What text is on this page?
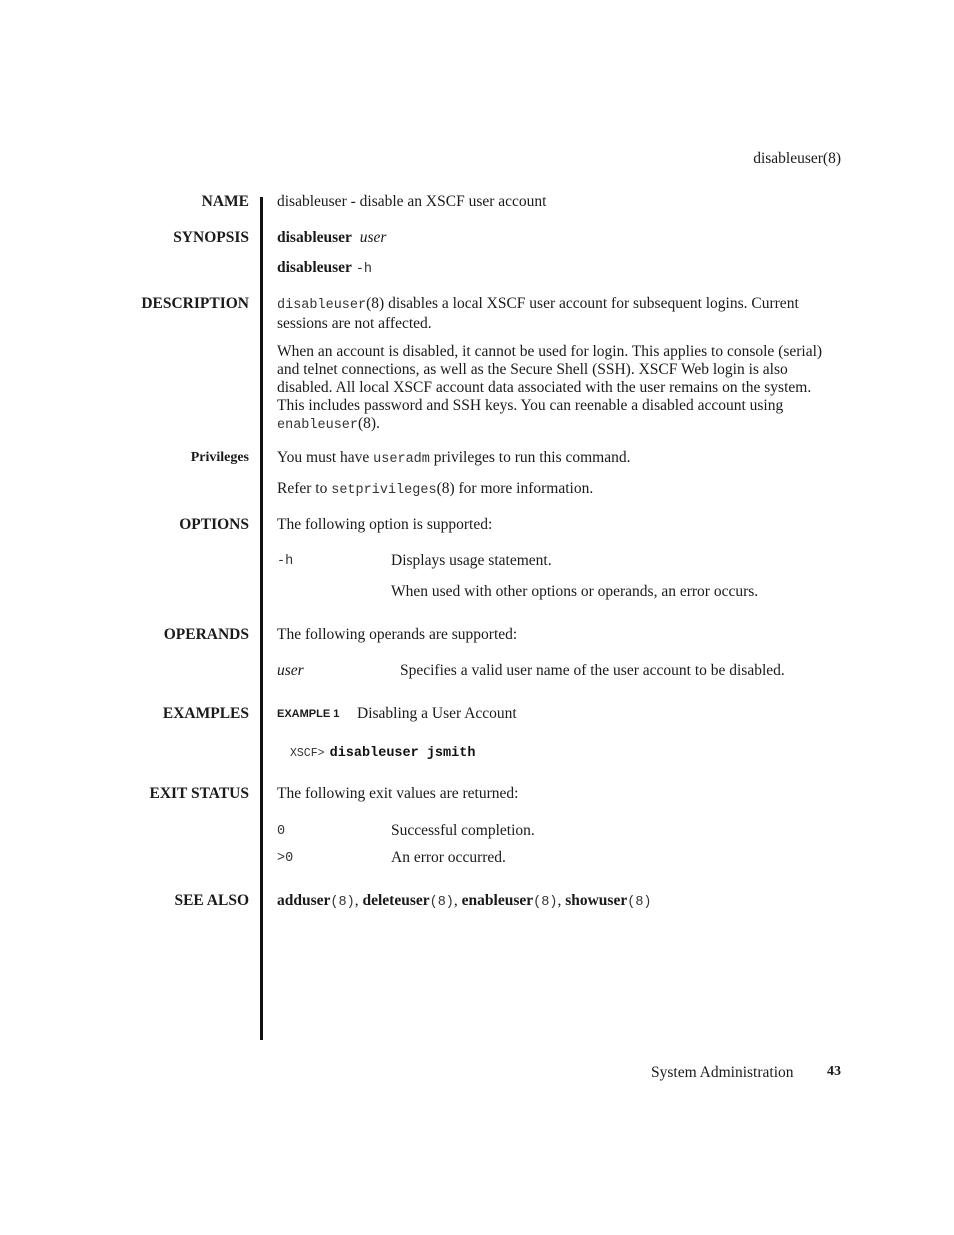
disableuser(8)
NAME disableuser - disable an XSCF user account
SYNOPSIS disableuser user
disableuser -h
DESCRIPTION disableuser(8) disables a local XSCF user account for subsequent logins. Current sessions are not affected.
When an account is disabled, it cannot be used for login. This applies to console (serial) and telnet connections, as well as the Secure Shell (SSH). XSCF Web login is also disabled. All local XSCF account data associated with the user remains on the system. This includes password and SSH keys. You can reenable a disabled account using enableuser(8).
Privileges You must have useradm privileges to run this command.
Refer to setprivileges(8) for more information.
OPTIONS The following option is supported:
-h	Displays usage statement.
When used with other options or operands, an error occurs.
OPERANDS The following operands are supported:
user	Specifies a valid user name of the user account to be disabled.
EXAMPLES	EXAMPLE 1 Disabling a User Account
XSCF> disableuser jsmith
EXIT STATUS The following exit values are returned:
0	Successful completion.
>0	An error occurred.
SEE ALSO adduser(8), deleteuser(8), enableuser(8), showuser(8)
System Administration 43
